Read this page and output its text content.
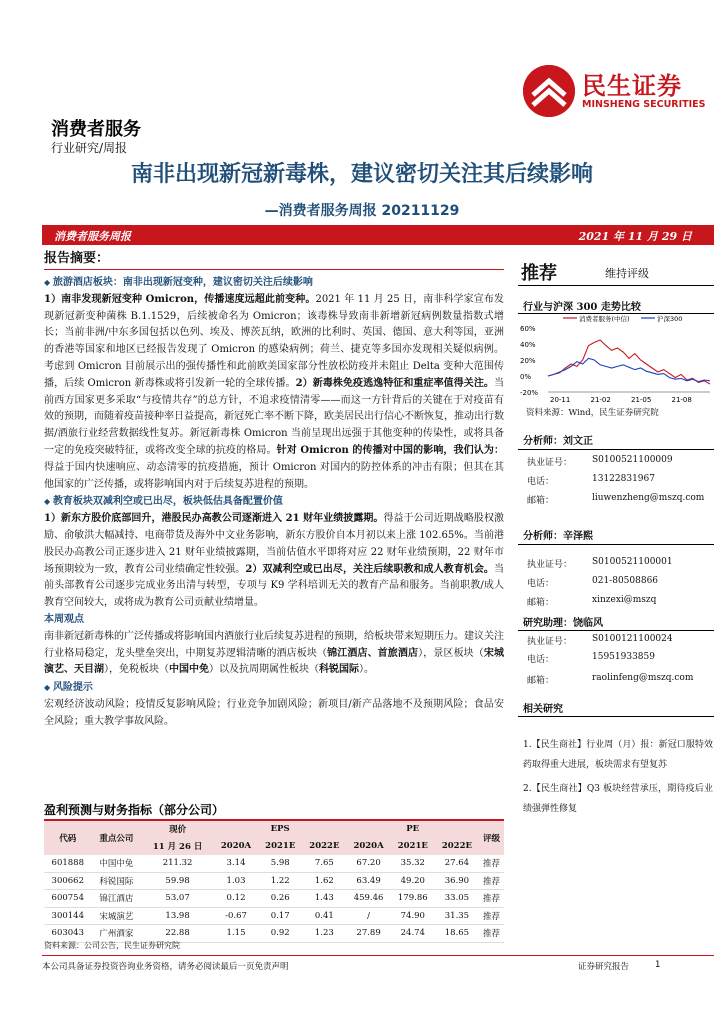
民生证券
MINSHENG SECURITIES
消费者服务
行业研究/周报
南非出现新冠新毒株，建议密切关注其后续影响
—消费者服务周报 20211129
消费者服务周报	2021 年 11 月 29 日
报告摘要：
◆ 旅游酒店板块：南非出现新冠变种，建议密切关注后续影响
1）南非发现新冠变种 Omicron，传播速度远超此前变种。2021 年 11 月 25 日，南非科学家宣布发现新冠新变种菌株 B.1.1529，后续被命名为 Omicron；该毒株导致南非新增新冠病例数量指数式增长；当前非洲/中东多国包括以色列、埃及、博茨瓦纳，欧洲的比利时、英国、德国、意大利等国，亚洲的香港等国家和地区已经报告发现了 Omicron 的感染病例；荷兰、捷克等多国亦发现相关疑似病例。考虑到 Omicron 目前展示出的强传播性和此前欧美国家部分性放松防疫并未阻止 Delta 变种大范围传播，后续 Omicron 新毒株或将引发新一轮的全球传播。2）新毒株免疫逃逸特征和重症率值得关注。当前西方国家更多采取“与疫情共存”的总方针，不追求疫情清零——而这一方针背后的关键在于对疫苗有效的预期，而随着疫苗接种率日益提高，新冠死亡率不断下降，欧美居民出行信心不断恢复，推动出行数据/酒旅行业经营数据线性复苏。新冠新毒株 Omicron 当前呈现出远强于其他变种的传染性，或将具备一定的免疫突破特征，或将改变全球的抗疫的格局。针对 Omicron 的传播对中国的影响，我们认为：得益于国内快速响应、动态清零的抗疫措施，预计 Omicron 对国内的防控体系的冲击有限；但其在其他国家的广泛传播，或将影响国内对于后续复苏进程的预期。
◆ 教育板块双减利空或已出尽，板块低估具备配置价值
1）新东方股价底部回升，港股民办高教公司逐渐进入 21 财年业绩披露期。得益于公司近期战略股权激励、俞敏洪大幅减持、电商带货及海外中文业务影响，新东方股价自本月初以来上涨 102.65%。当前港股民办高教公司正逐步进入 21 财年业绩披露期，当前估值水平即将对应 22 财年业绩预期，22 财年市场预期较为一致，教育公司业绩确定性较强。2）双减利空或已出尽，关注后续职教和成人教育机会。当前头部教育公司逐步完成业务出清与转型，专项与 K9 学科培训无关的教育产品和服务。当前职教/成人教育空间较大，或将成为教育公司贡献业绩增量。
本周观点
南非新冠新毒株的广泛传播或将影响国内酒旅行业后续复苏进程的预期，给板块带来短期压力。建议关注行业格局稳定，龙头壁垒突出，中期复苏逻辑清晰的酒店板块（锦江酒店、首旅酒店），景区板块（宋城演艺、天目湖），免税板块（中国中免）以及抗周期属性板块（科锐国际）。
◆ 风险提示
宏观经济波动风险；疫情反复影响风险；行业竞争加剧风险；新项目/新产品落地不及预期风险；食品安全风险；重大教学事故风险。
盈利预测与财务指标（部分公司）
代码	重点公司	现价	EPS			PE			评级
		11 月 26 日	2020A	2021E	2022E	2020A	2021E	2022E	
601888	中国中免	211.32	3.14	5.98	7.65	67.20	35.32	27.64	推荐
300662	科锐国际	59.98	1.03	1.22	1.62	63.49	49.20	36.90	推荐
600754	锦江酒店	53.07	0.12	0.26	1.43	459.46	179.86	33.05	推荐
300144	宋城演艺	13.98	-0.67	0.17	0.41	/	74.90	31.35	推荐
603043	广州酒家	22.88	1.15	0.92	1.23	27.89	24.74	18.65	推荐
资料来源：公司公告，民生证券研究院
推荐	维持评级
行业与沪深 300 走势比较
60%
40%
20%
0%
-20%
20-11	21-02	21-05	21-08
消费者服务(中信)	沪深300
资料来源：Wind，民生证券研究院
分析师：刘文正
执业证号： S0100521100009
电话：	13122831967
邮箱：	liuwenzheng@mszq.com
分析师：辛泽熙
执业证号： S0100521100001
电话：	021-80508866
邮箱：	xinzexi@mszq
研究助理：饶临风
执业证号： S0100121100024
电话：	15951933859
邮箱：	raolinfeng@mszq.com
相关研究
1.【民生商社】行业周（月）报：新冠口服特效药取得重大进展，板块需求有望复苏
2.【民生商社】Q3 板块经营承压，期待疫后业绩强弹性修复
本公司具备证券投资咨询业务资格，请务必阅读最后一页免责声明	证券研究报告	1
